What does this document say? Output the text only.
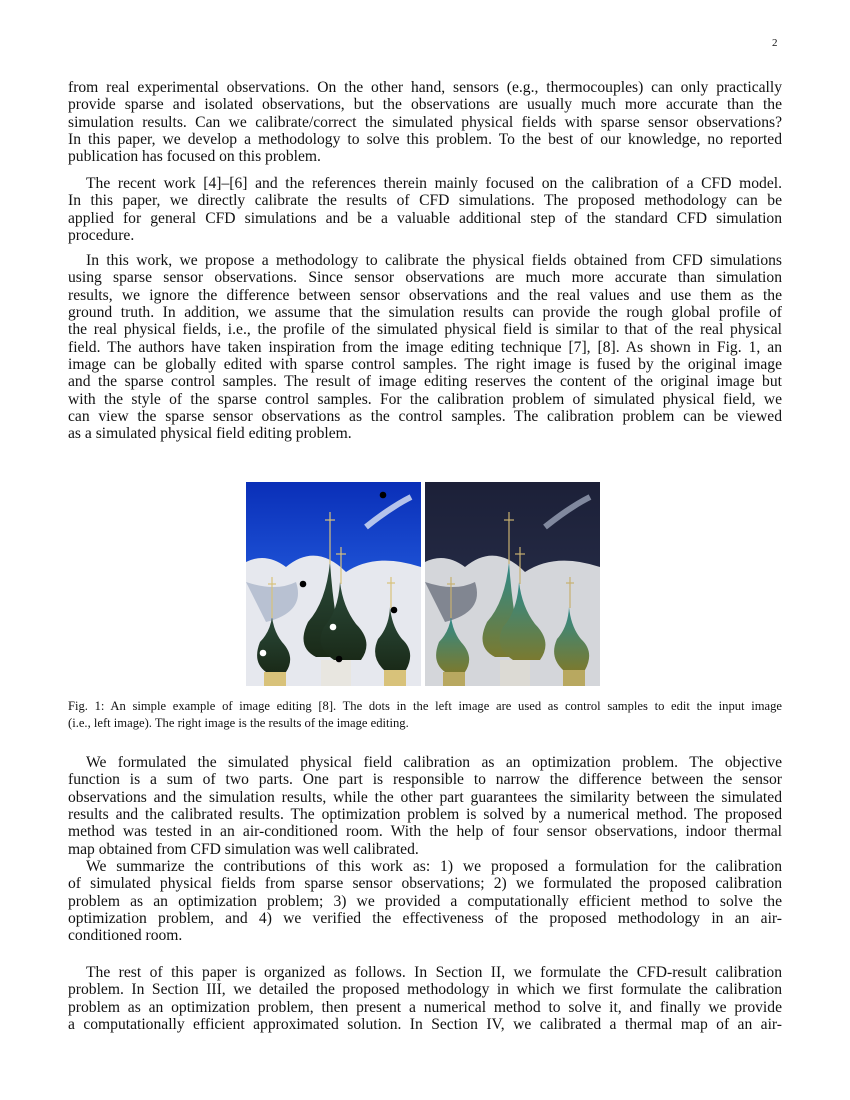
2
from real experimental observations. On the other hand, sensors (e.g., thermocouples) can only practically
provide sparse and isolated observations, but the observations are usually much more accurate than the
simulation results. Can we calibrate/correct the simulated physical fields with sparse sensor observations?
In this paper, we develop a methodology to solve this problem. To the best of our knowledge, no reported
publication has focused on this problem.
The recent work [4]–[6] and the references therein mainly focused on the calibration of a CFD model.
In this paper, we directly calibrate the results of CFD simulations. The proposed methodology can be
applied for general CFD simulations and be a valuable additional step of the standard CFD simulation
procedure.
In this work, we propose a methodology to calibrate the physical fields obtained from CFD simulations
using sparse sensor observations. Since sensor observations are much more accurate than simulation
results, we ignore the difference between sensor observations and the real values and use them as the
ground truth. In addition, we assume that the simulation results can provide the rough global profile of
the real physical fields, i.e., the profile of the simulated physical field is similar to that of the real physical
field. The authors have taken inspiration from the image editing technique [7], [8]. As shown in Fig. 1, an
image can be globally edited with sparse control samples. The right image is fused by the original image
and the sparse control samples. The result of image editing reserves the content of the original image but
with the style of the sparse control samples. For the calibration problem of simulated physical field, we
can view the sparse sensor observations as the control samples. The calibration problem can be viewed
as a simulated physical field editing problem.
Fig. 1: An simple example of image editing [8]. The dots in the left image are used as control samples to edit the input image
(i.e., left image). The right image is the results of the image editing.
We formulated the simulated physical field calibration as an optimization problem. The objective
function is a sum of two parts. One part is responsible to narrow the difference between the sensor
observations and the simulation results, while the other part guarantees the similarity between the simulated
results and the calibrated results. The optimization problem is solved by a numerical method. The proposed
method was tested in an air-conditioned room. With the help of four sensor observations, indoor thermal
map obtained from CFD simulation was well calibrated.
We summarize the contributions of this work as: 1) we proposed a formulation for the calibration
of simulated physical fields from sparse sensor observations; 2) we formulated the proposed calibration
problem as an optimization problem; 3) we provided a computationally efficient method to solve the
optimization problem, and 4) we verified the effectiveness of the proposed methodology in an air-
conditioned room.
The rest of this paper is organized as follows. In Section II, we formulate the CFD-result calibration
problem. In Section III, we detailed the proposed methodology in which we first formulate the calibration
problem as an optimization problem, then present a numerical method to solve it, and finally we provide
a computationally efficient approximated solution. In Section IV, we calibrated a thermal map of an air-
